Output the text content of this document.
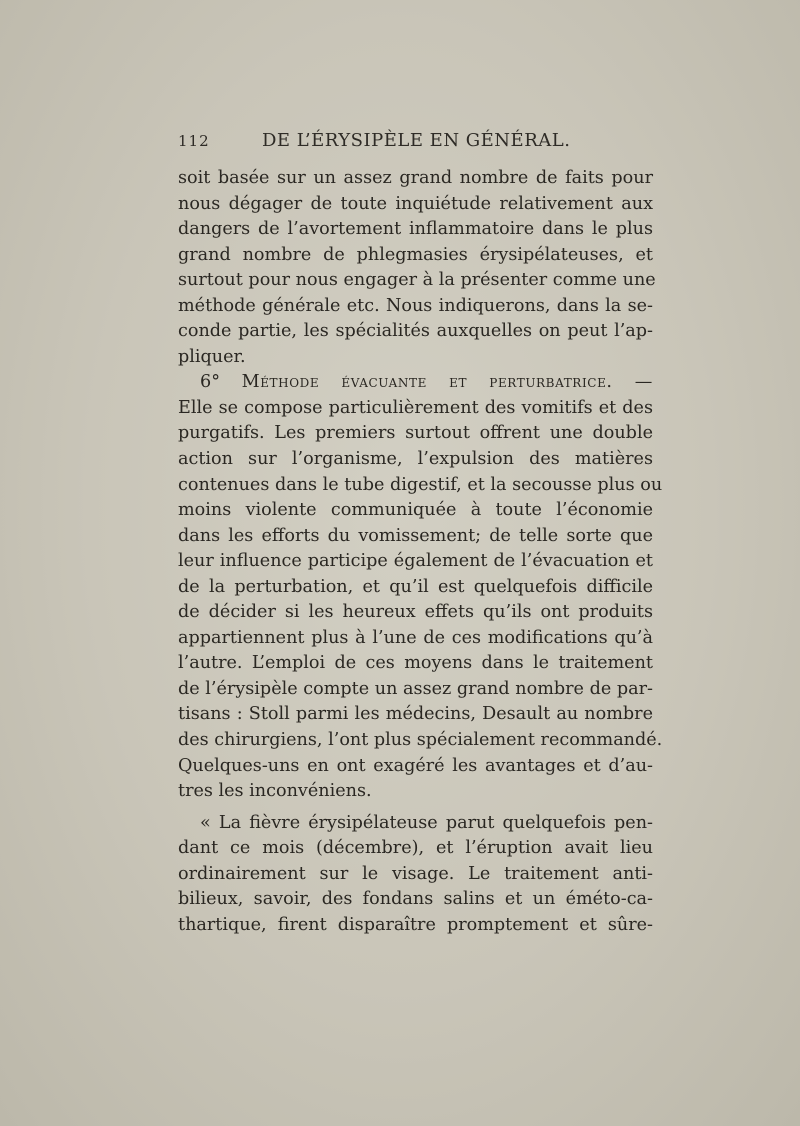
112	DE L’ÉRYSIPÈLE EN GÉNÉRAL.
soit basée sur un assez grand nombre de faits pour
nous dégager de toute inquiétude relativement aux
dangers de l’avortement inflammatoire dans le plus
grand nombre de phlegmasies érysipélateuses, et
surtout pour nous engager à la présenter comme une
méthode générale etc. Nous indiquerons, dans la se-
conde partie, les spécialités auxquelles on peut l’ap-
pliquer.
6° Méthode évacuante et perturbatrice. —
Elle se compose particulièrement des vomitifs et des
purgatifs. Les premiers surtout offrent une double
action sur l’organisme, l’expulsion des matières
contenues dans le tube digestif, et la secousse plus ou
moins violente communiquée à toute l’économie
dans les efforts du vomissement; de telle sorte que
leur influence participe également de l’évacuation et
de la perturbation, et qu’il est quelquefois difficile
de décider si les heureux effets qu’ils ont produits
appartiennent plus à l’une de ces modifications qu’à
l’autre. L’emploi de ces moyens dans le traitement
de l’érysipèle compte un assez grand nombre de par-
tisans : Stoll parmi les médecins, Desault au nombre
des chirurgiens, l’ont plus spécialement recommandé.
Quelques-uns en ont exagéré les avantages et d’au-
tres les inconvéniens.
« La fièvre érysipélateuse parut quelquefois pen-
dant ce mois (décembre), et l’éruption avait lieu
ordinairement sur le visage. Le traitement anti-
bilieux, savoir, des fondans salins et un éméto-ca-
thartique, firent disparaître promptement et sûre-
